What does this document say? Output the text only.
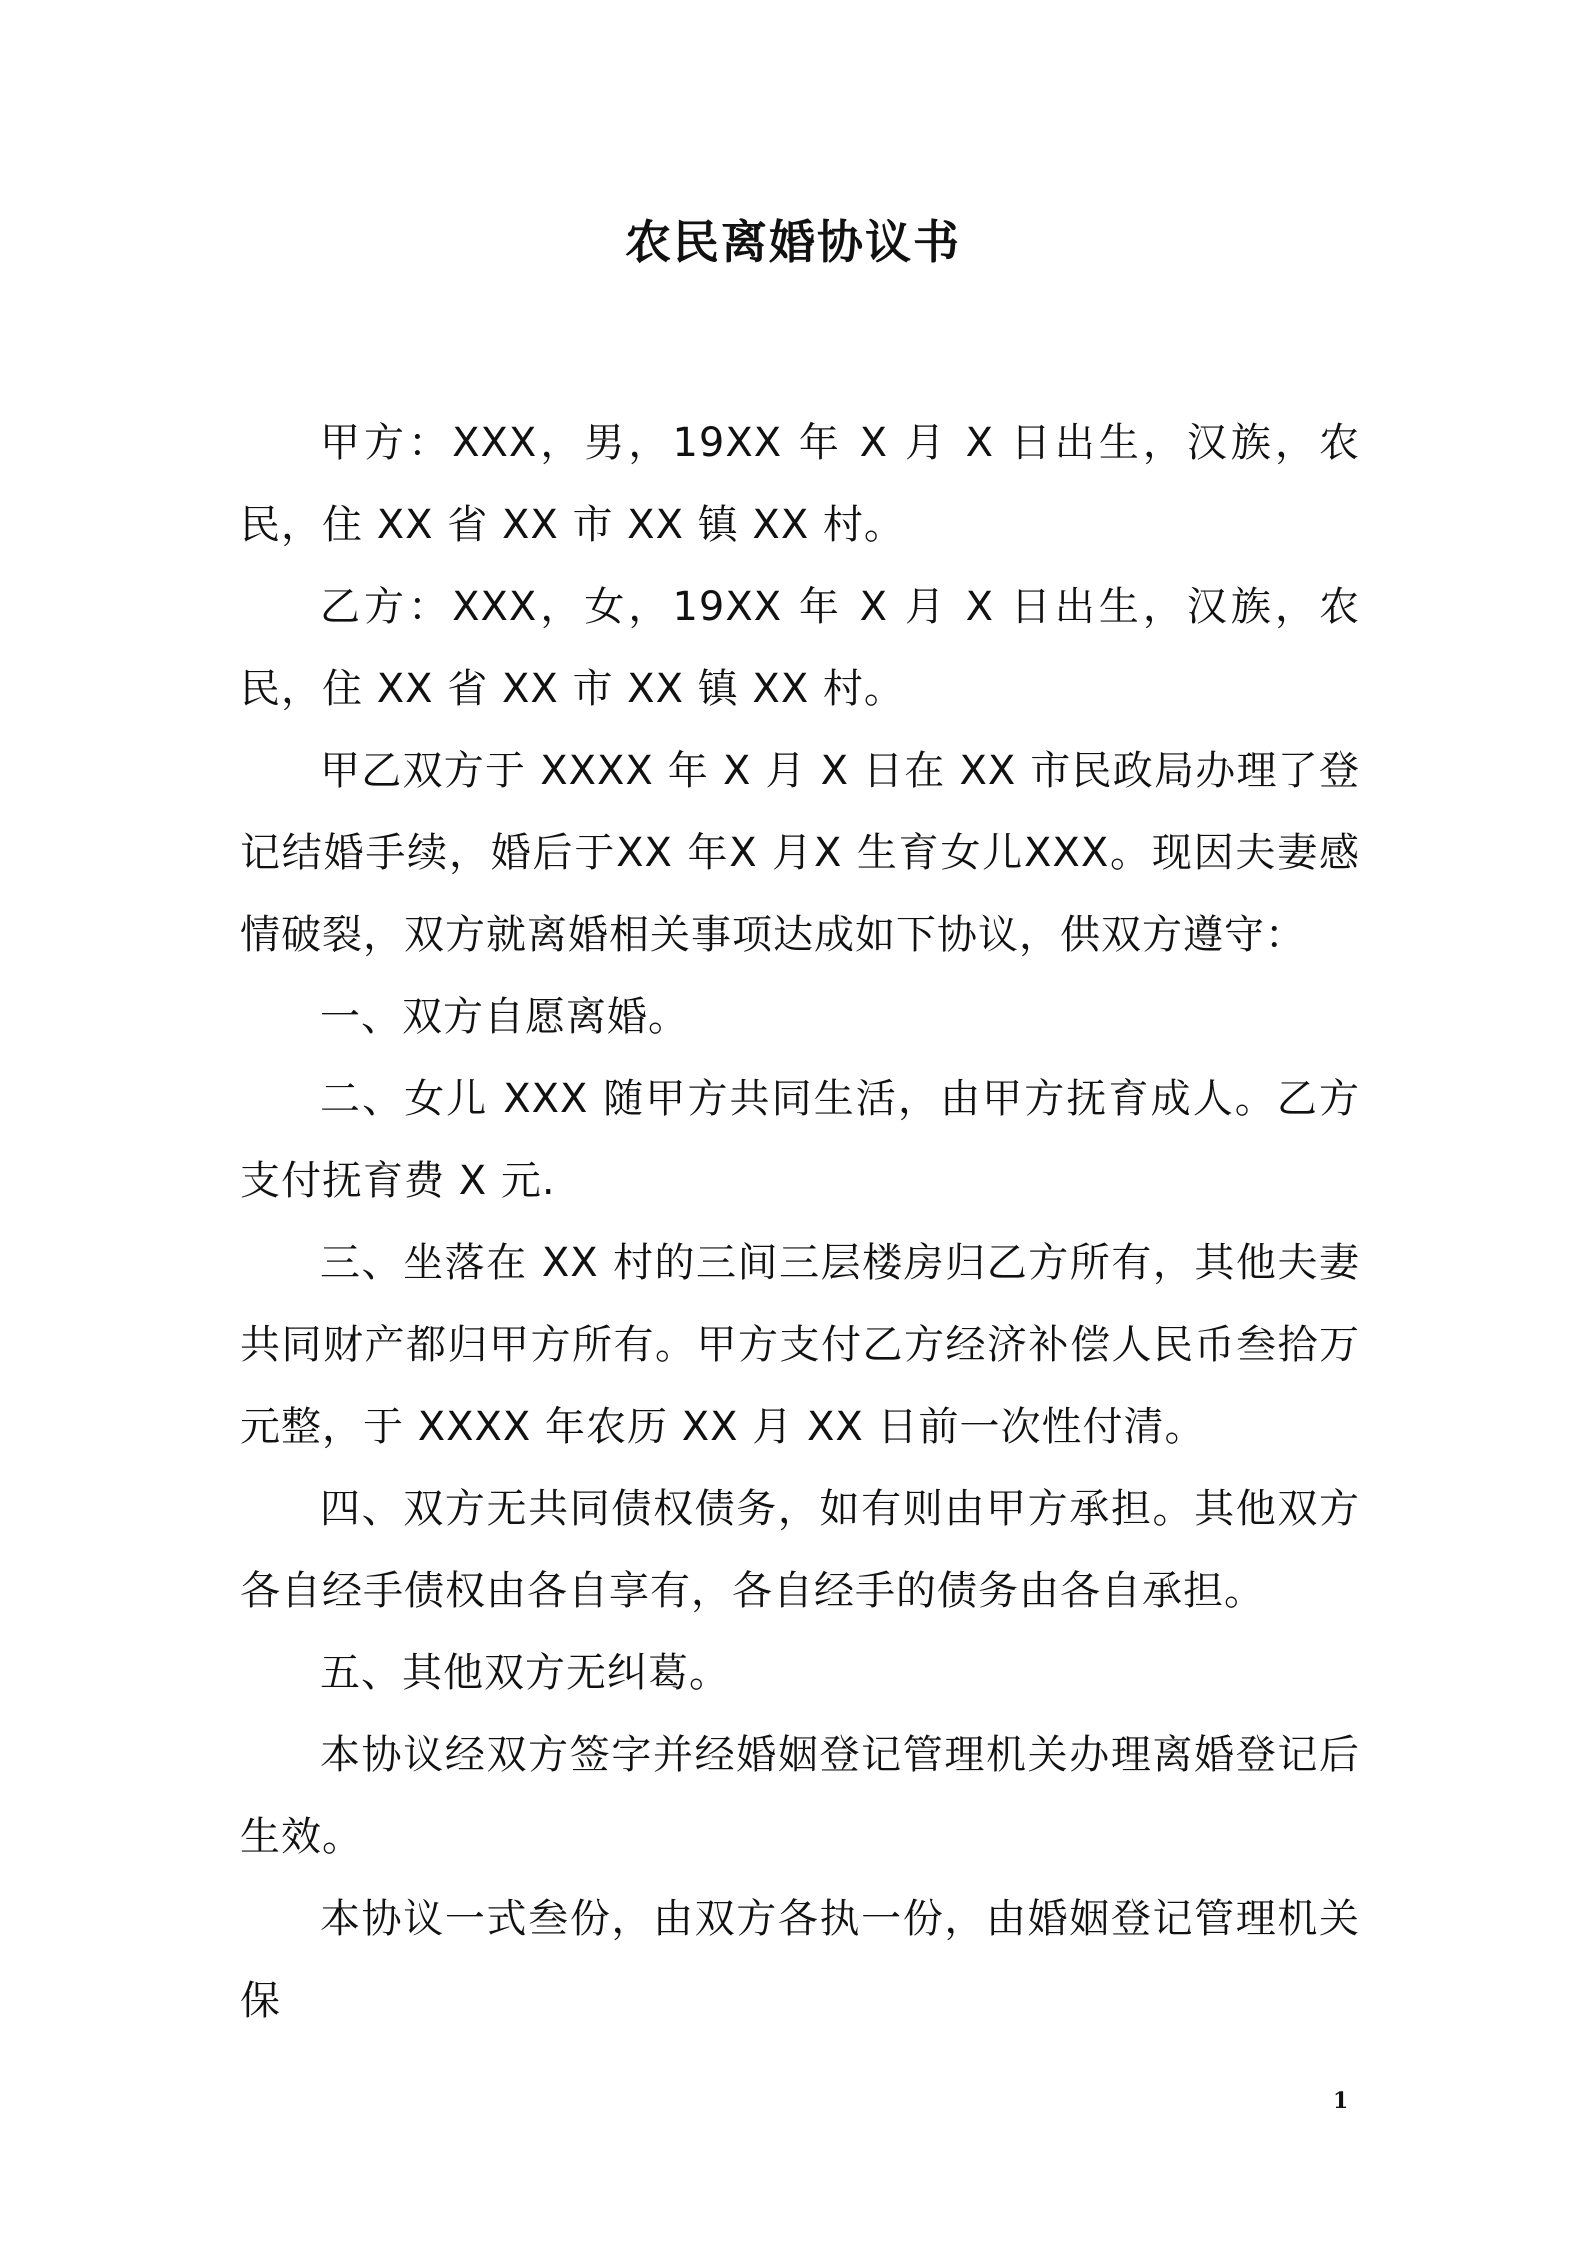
农民离婚协议书

甲方：XXX，男，19XX 年 X 月 X 日出生，汉族，农民，住 XX 省 XX 市 XX 镇 XX 村。

乙方：XXX，女，19XX 年 X 月 X 日出生，汉族，农民，住 XX 省 XX 市 XX 镇 XX 村。

甲乙双方于 XXXX 年 X 月 X 日在 XX 市民政局办理了登记结婚手续，婚后于XX 年X 月X 生育女儿XXX。现因夫妻感情破裂，双方就离婚相关事项达成如下协议，供双方遵守：

一、双方自愿离婚。

二、女儿 XXX 随甲方共同生活，由甲方抚育成人。乙方支付抚育费 X 元.

三、坐落在 XX 村的三间三层楼房归乙方所有，其他夫妻共同财产都归甲方所有。甲方支付乙方经济补偿人民币叁拾万元整，于 XXXX 年农历 XX 月 XX 日前一次性付清。

四、双方无共同债权债务，如有则由甲方承担。其他双方各自经手债权由各自享有，各自经手的债务由各自承担。

五、其他双方无纠葛。

本协议经双方签字并经婚姻登记管理机关办理离婚登记后生效。

本协议一式叁份，由双方各执一份，由婚姻登记管理机关保

1
